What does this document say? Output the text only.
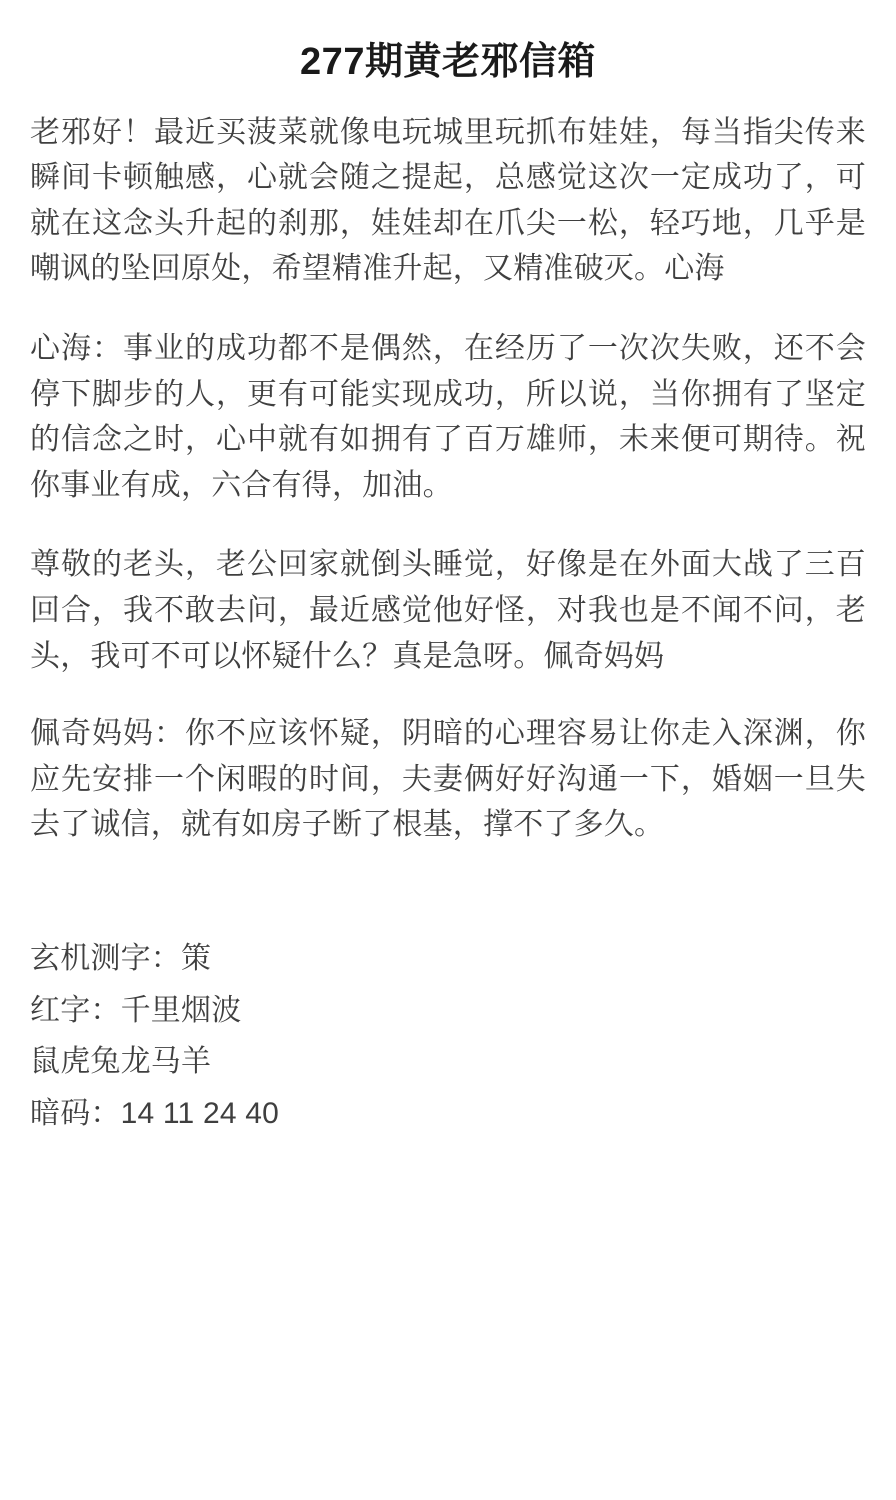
277期黄老邪信箱

老邪好！最近买菠菜就像电玩城里玩抓布娃娃，每当指尖传来瞬间卡顿触感，心就会随之提起，总感觉这次一定成功了，可就在这念头升起的刹那，娃娃却在爪尖一松，轻巧地，几乎是嘲讽的坠回原处，希望精准升起，又精准破灭。心海

心海：事业的成功都不是偶然，在经历了一次次失败，还不会停下脚步的人，更有可能实现成功，所以说，当你拥有了坚定的信念之时，心中就有如拥有了百万雄师，未来便可期待。祝你事业有成，六合有得，加油。

尊敬的老头，老公回家就倒头睡觉，好像是在外面大战了三百回合，我不敢去问，最近感觉他好怪，对我也是不闻不问，老头，我可不可以怀疑什么？真是急呀。佩奇妈妈

佩奇妈妈：你不应该怀疑，阴暗的心理容易让你走入深渊，你应先安排一个闲暇的时间，夫妻俩好好沟通一下，婚姻一旦失去了诚信，就有如房子断了根基，撑不了多久。

玄机测字：策

红字：千里烟波

鼠虎兔龙马羊

暗码：14 11 24 40
